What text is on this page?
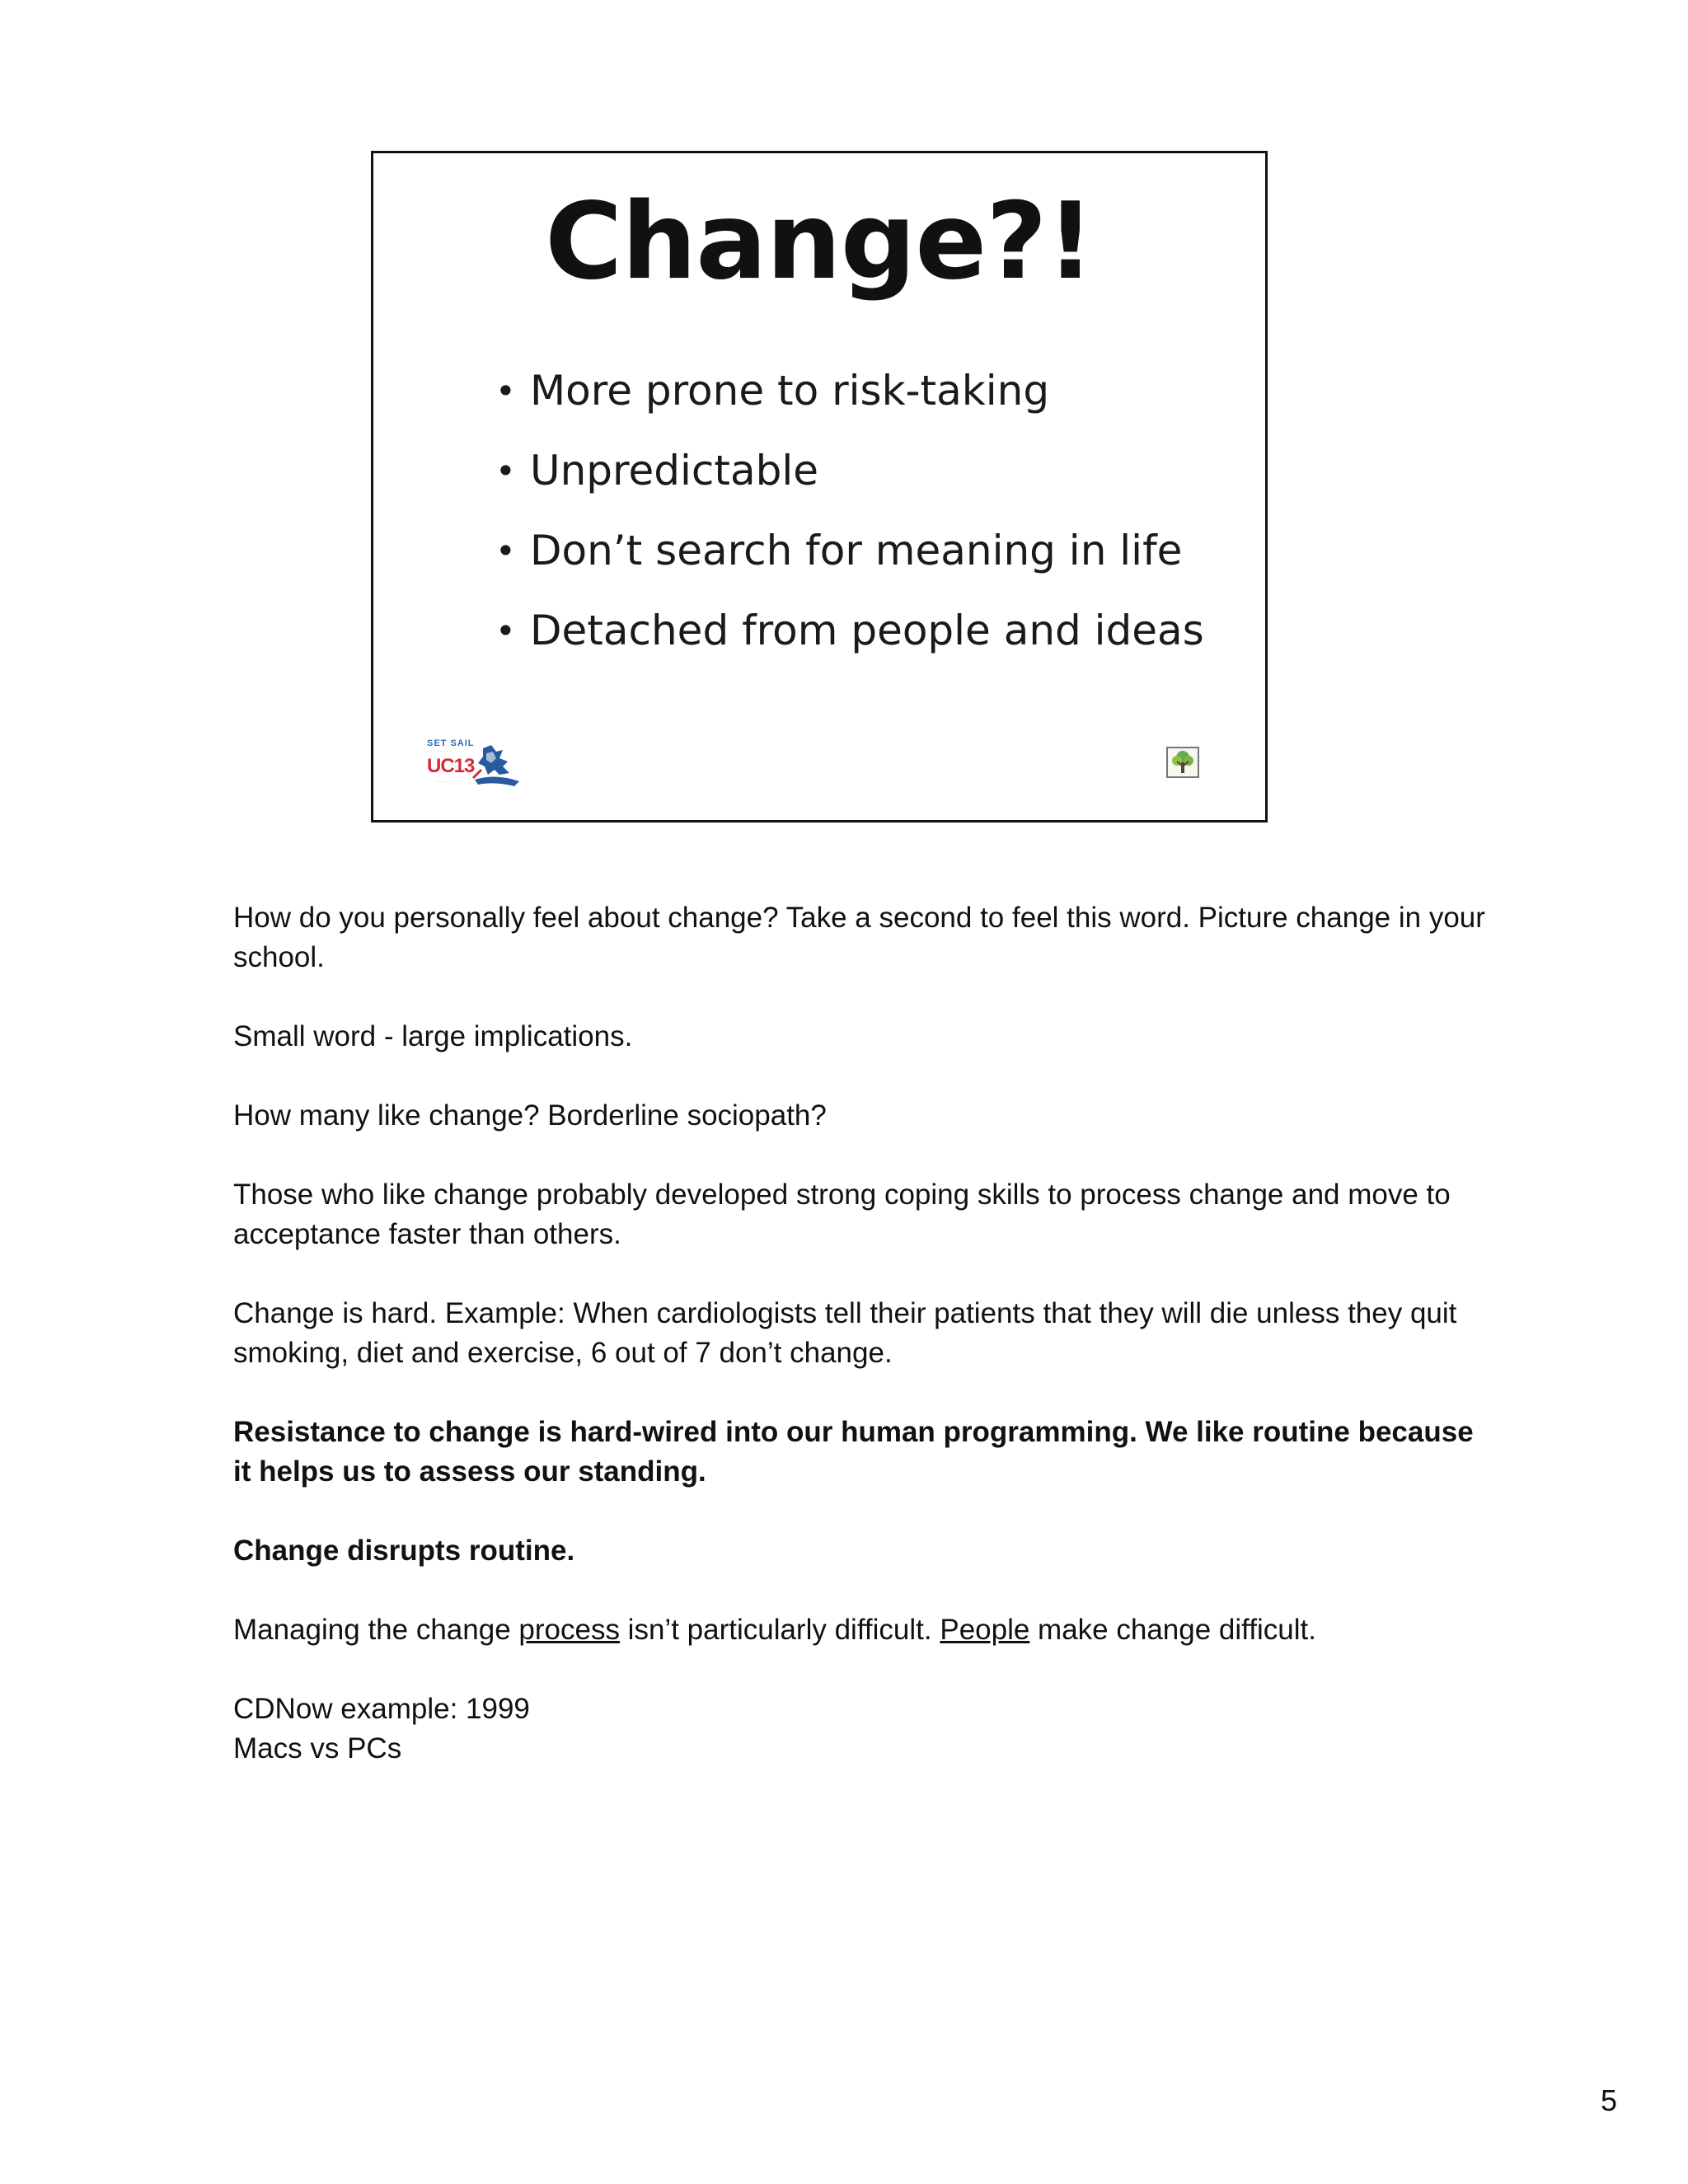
Change?!
• More prone to risk-taking
• Unpredictable
• Don’t search for meaning in life
• Detached from people and ideas
SET SAIL
········
UC13
·····

How do you personally feel about change? Take a second to feel this word. Picture change in your school.

Small word - large implications.

How many like change? Borderline sociopath?

Those who like change probably developed strong coping skills to process change and move to acceptance faster than others.

Change is hard. Example: When cardiologists tell their patients that they will die unless they quit smoking, diet and exercise, 6 out of 7 don’t change.

Resistance to change is hard-wired into our human programming. We like routine because it helps us to assess our standing.

Change disrupts routine.

Managing the change process isn’t particularly difficult. People make change difficult.

CDNow example: 1999
Macs vs PCs

5
